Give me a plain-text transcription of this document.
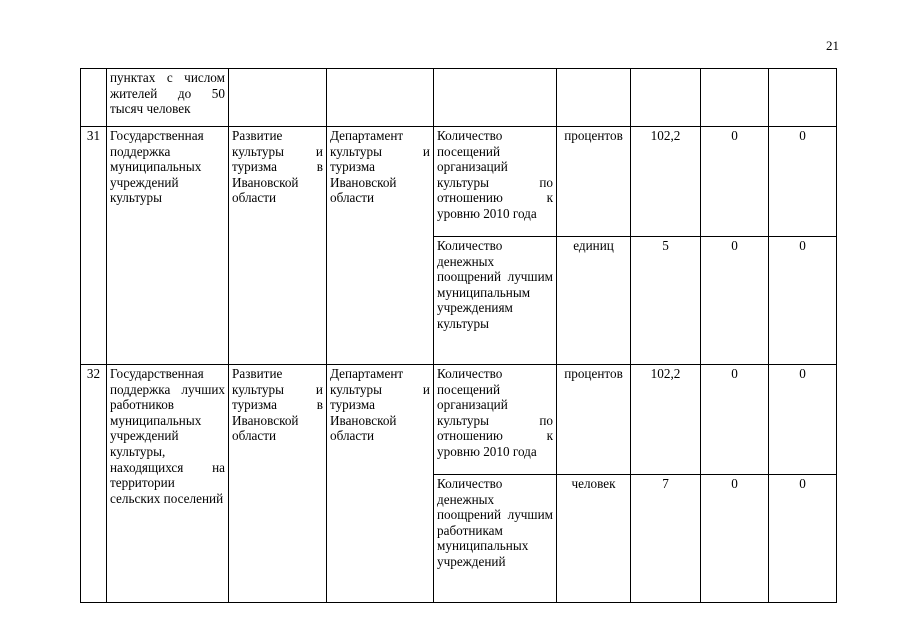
21
	пунктах с числом жителей до 50 тысяч человек							
31	Государственная поддержка муниципальных учреждений культуры	Развитие культуры и туризма в Ивановской области	Департамент культуры и туризма Ивановской области	Количество посещений организаций культуры по отношению к уровню 2010 года	процентов	102,2	0	0
				Количество денежных поощрений лучшим муниципальным учреждениям культуры	единиц	5	0	0
32	Государственная поддержка лучших работников муниципальных учреждений культуры, находящихся на территории сельских поселений	Развитие культуры и туризма в Ивановской области	Департамент культуры и туризма Ивановской области	Количество посещений организаций культуры по отношению к уровню 2010 года	процентов	102,2	0	0
				Количество денежных поощрений лучшим работникам муниципальных учреждений	человек	7	0	0
